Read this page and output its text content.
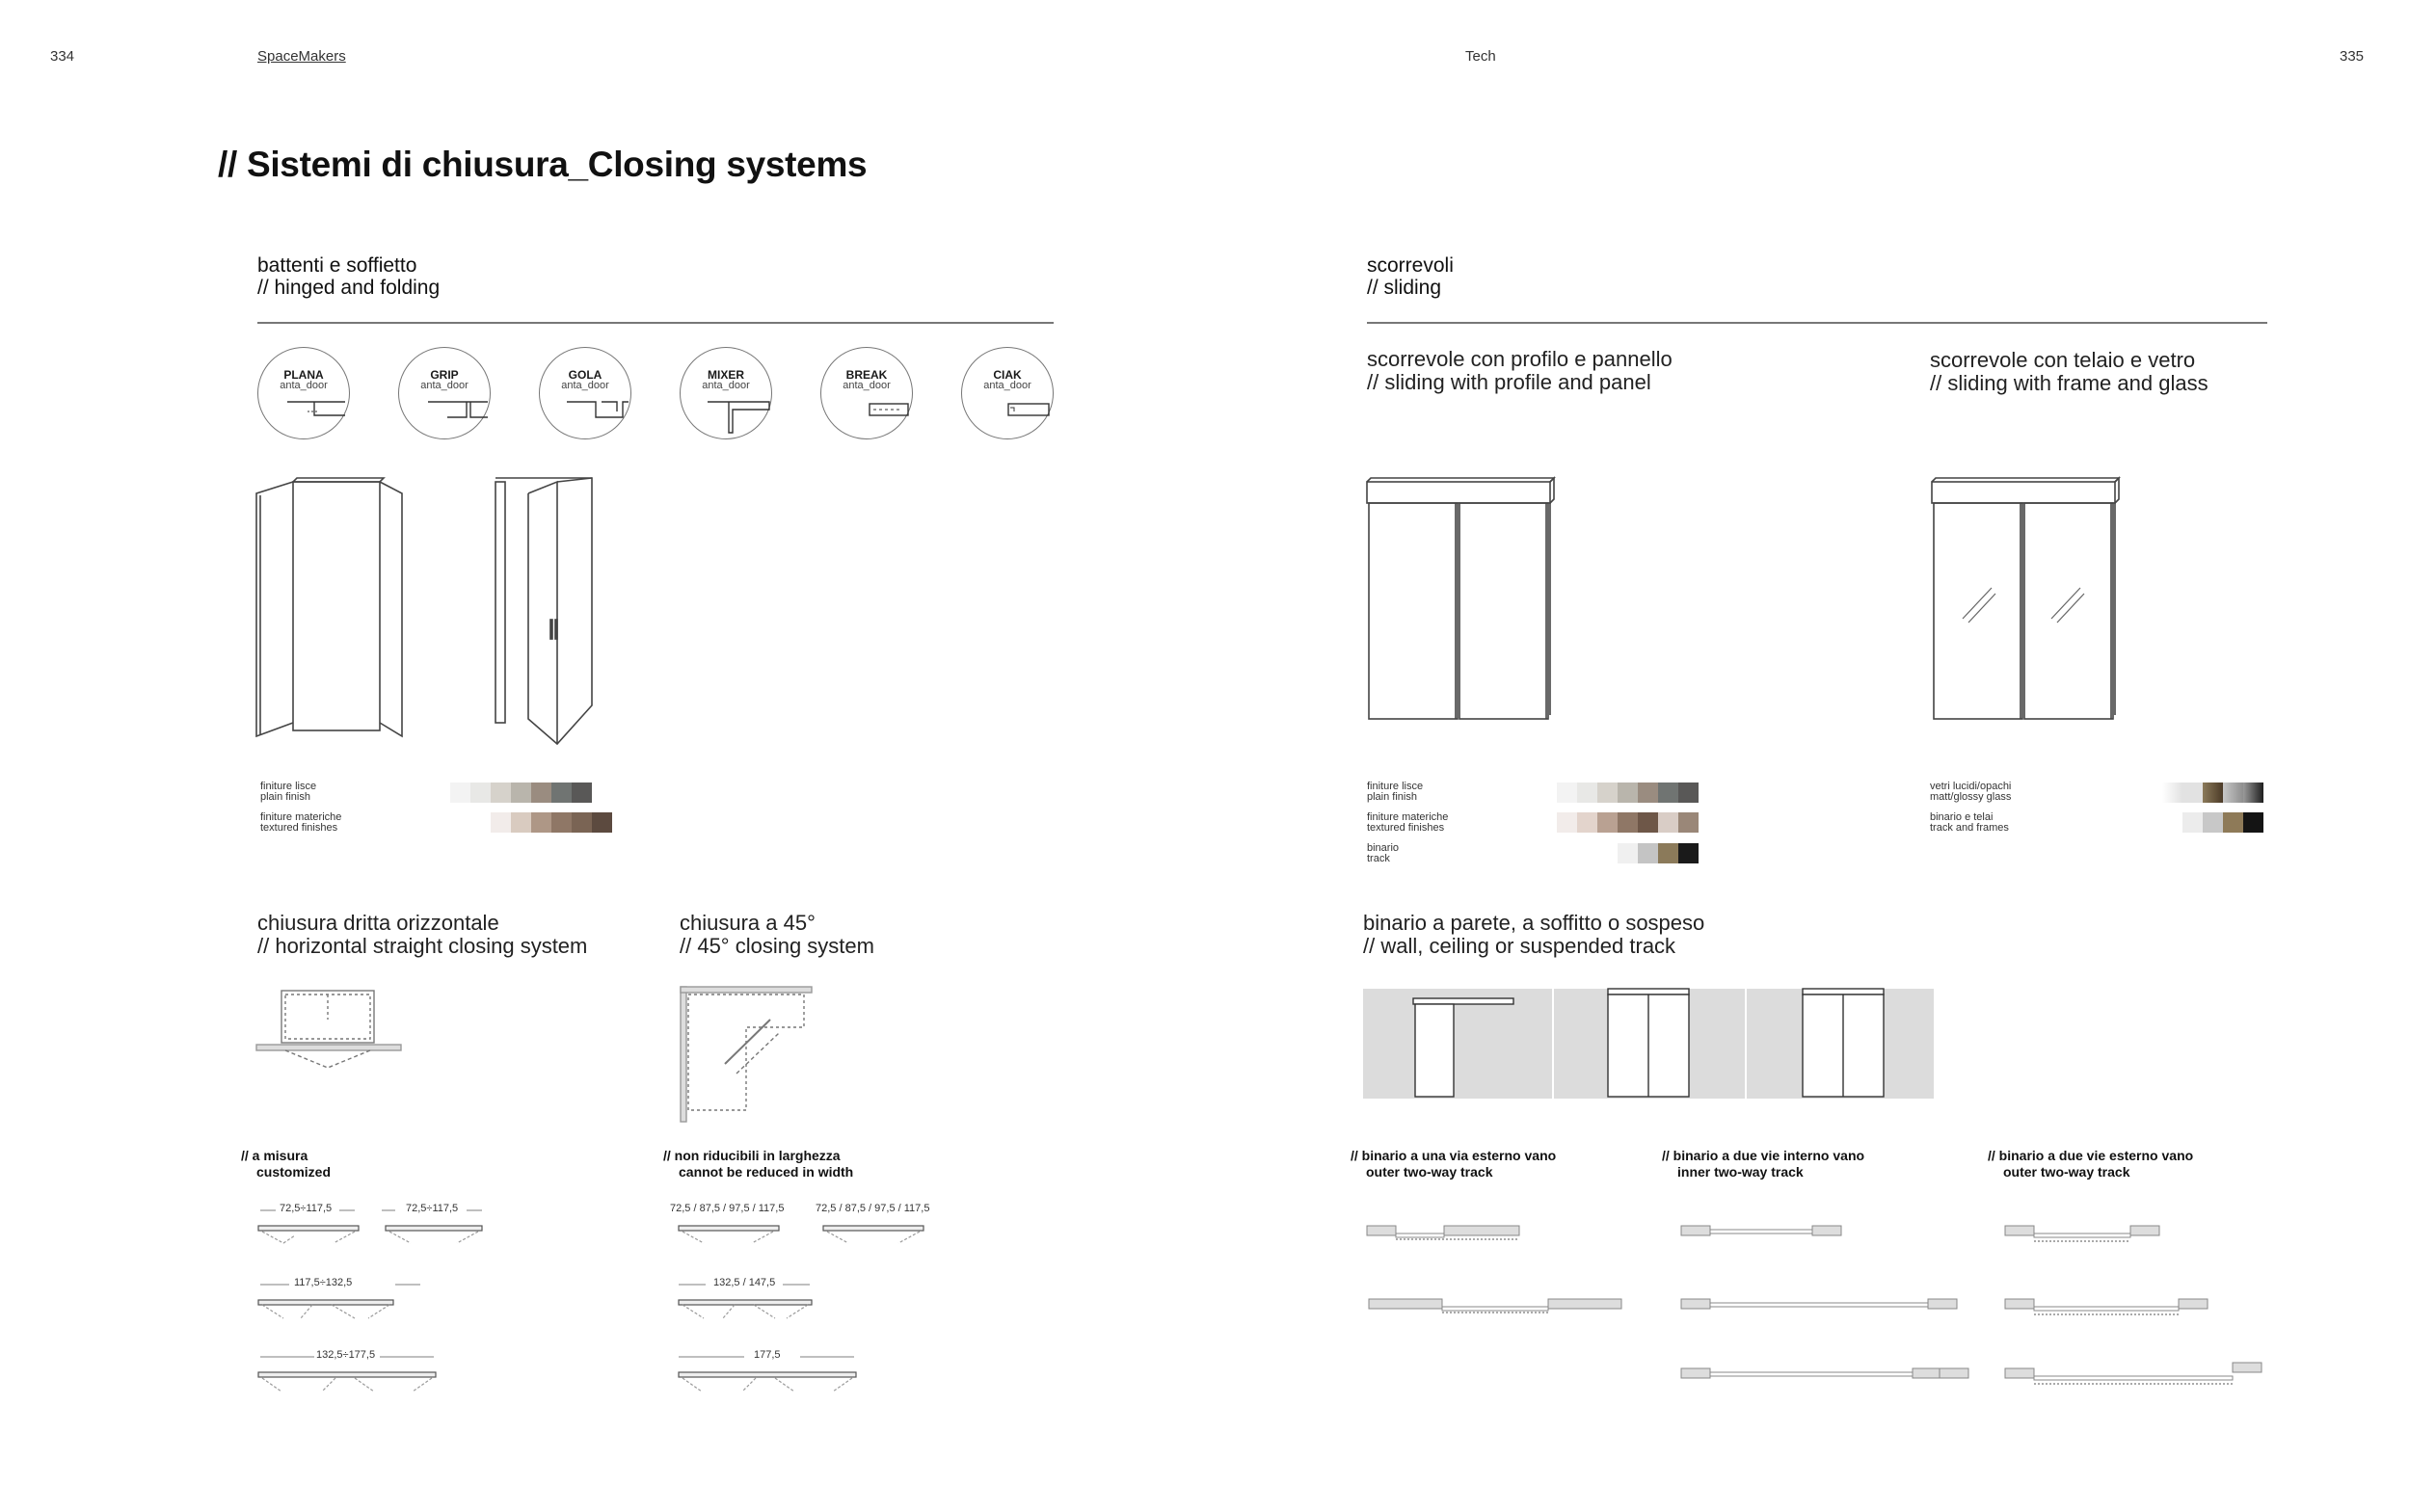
334	SpaceMakers	Tech	335
// Sistemi di chiusura_Closing systems
battenti e soffietto
// hinged and folding
PLANA
anta_door
GRIP
anta_door
GOLA
anta_door
MIXER
anta_door
BREAK
anta_door
CIAK
anta_door
finiture lisce
plain finish
finiture materiche
textured finishes
chiusura dritta orizzontale
// horizontal straight closing system
chiusura a 45°
// 45° closing system
// a misura
customized
// non riducibili in larghezza
cannot be reduced in width
72,5÷117,5	72,5÷117,5
117,5÷132,5
132,5÷177,5
72,5 / 87,5 / 97,5 / 117,5	72,5 / 87,5 / 97,5 / 117,5
132,5 / 147,5
177,5
scorrevoli
// sliding
scorrevole con profilo e pannello
// sliding with profile and panel
scorrevole con telaio e vetro
// sliding with frame and glass
finiture lisce
plain finish
finiture materiche
textured finishes
binario
track
vetri lucidi/opachi
matt/glossy glass
binario e telai
track and frames
binario a parete, a soffitto o sospeso
// wall, ceiling or suspended track
// binario a una via esterno vano
outer two-way track
// binario a due vie interno vano
inner two-way track
// binario a due vie esterno vano
outer two-way track
